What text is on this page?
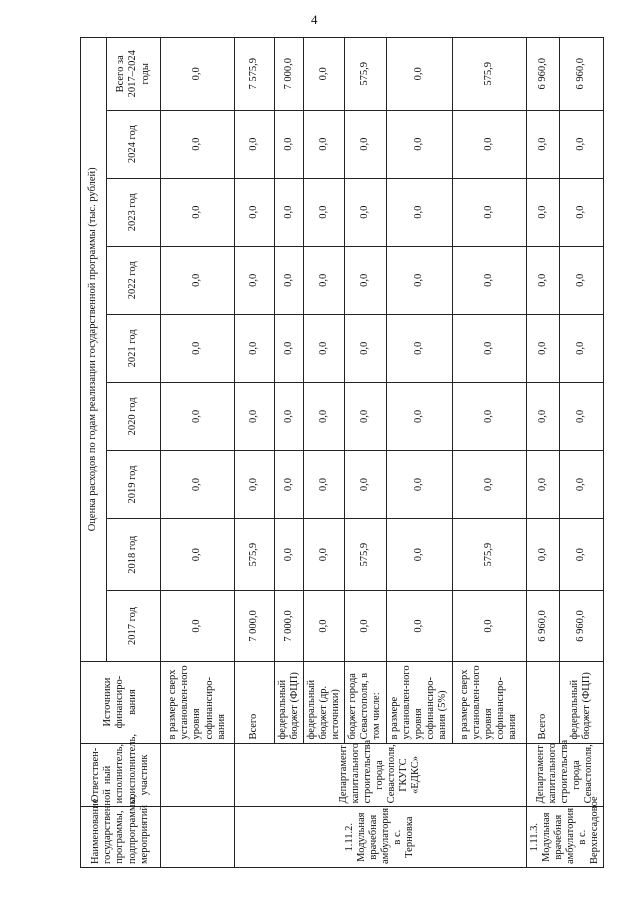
4
Наименование государственной программы, подпрограммы, мероприятий	Ответствен-ный исполнитель, соисполнитель, участник	Источники финансиро-вания	Оценка расходов по годам реализации государственной программы (тыс. рублей)								
			2017 год	2018 год	2019 год	2020 год	2021 год	2022 год	2023 год	2024 год	Всего за 2017–2024 годы
		в размере сверх установлен-ного уровня софинансиро-вания	0,0	0,0	0,0	0,0	0,0	0,0	0,0	0,0	0,0
1.11.2. Модульная врачебная амбулатория в с. Терновка	Департамент капитального строительства города Севастополя, ГКУГС «ЕДКС»	Всего	7 000,0	575,9	0,0	0,0	0,0	0,0	0,0	0,0	7 575,9
		федеральный бюджет (ФЦП)	7 000,0	0,0	0,0	0,0	0,0	0,0	0,0	0,0	7 000,0
		федеральный бюджет (др. источники)	0,0	0,0	0,0	0,0	0,0	0,0	0,0	0,0	0,0
		бюджет города Севастополя, в том числе:	0,0	575,9	0,0	0,0	0,0	0,0	0,0	0,0	575,9
		в размере установлен-ного уровня софинансиро-вания (5%)	0,0	0,0	0,0	0,0	0,0	0,0	0,0	0,0	0,0
		в размере сверх установлен-ного уровня софинансиро-вания	0,0	575,9	0,0	0,0	0,0	0,0	0,0	0,0	575,9
1.11.3. Модульная врачебная амбулатория в с. Верхнесадовое	Департамент капитального строительства города Севастополя,	Всего	6 960,0	0,0	0,0	0,0	0,0	0,0	0,0	0,0	6 960,0
		федеральный бюджет (ФЦП)	6 960,0	0,0	0,0	0,0	0,0	0,0	0,0	0,0	6 960,0
